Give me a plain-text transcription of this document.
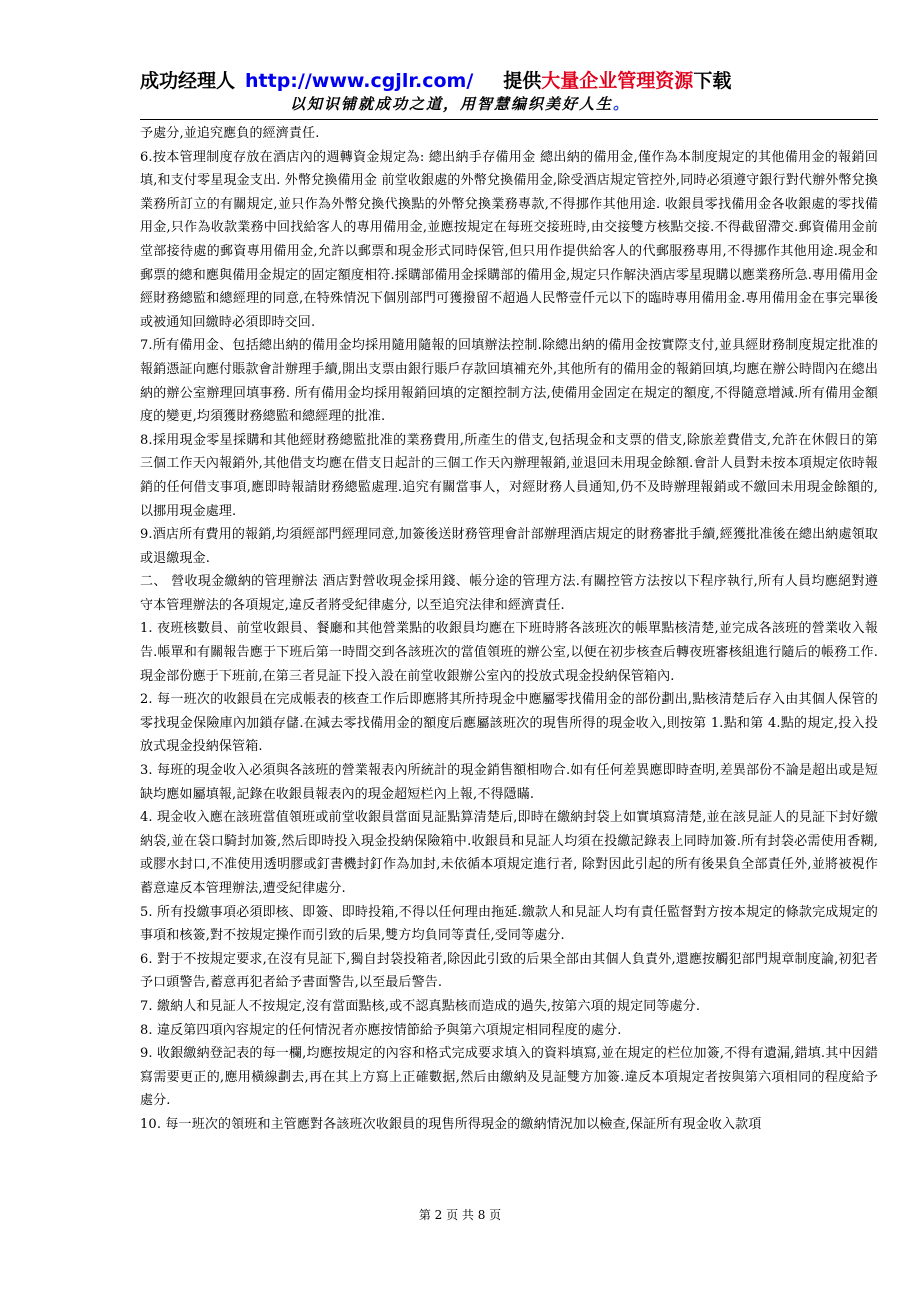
成功经理人 http://www.cgjlr.com/ 提供大量企业管理资源下载
以知识铺就成功之道，用智慧编织美好人生。

予處分,並追究應負的經濟責任.

6.按本管理制度存放在酒店內的週轉資金規定為: 總出納手存備用金 總出納的備用金,僅作為本制度規定的其他備用金的報銷回填,和支付零星現金支出. 外幣兌換備用金 前堂收銀處的外幣兌換備用金,除受酒店規定管控外,同時必須遵守銀行對代辦外幣兌換業務所訂立的有關規定,並只作為外幣兌換代換點的外幣兌換業務專款,不得挪作其他用途. 收銀員零找備用金各收銀處的零找備用金,只作為收款業務中回找給客人的專用備用金,並應按規定在每班交接班時,由交接雙方核點交接.不得截留滯交.郵資備用金前堂部接待處的郵資專用備用金,允許以郵票和現金形式同時保管,但只用作提供給客人的代郵服務專用,不得挪作其他用途.現金和郵票的總和應與備用金規定的固定額度相符.採購部備用金採購部的備用金,規定只作解決酒店零星現購以應業務所急.專用備用金經財務總監和總經理的同意,在特殊情況下個別部門可獲撥留不超過人民幣壹仟元以下的臨時專用備用金.專用備用金在事完畢後或被通知回繳時必須即時交回.

7.所有備用金、包括總出納的備用金均採用隨用隨報的回填辦法控制.除總出納的備用金按實際支付,並具經財務制度規定批准的報銷憑証向應付賬款會計辦理手續,開出支票由銀行賬戶存款回填補充外,其他所有的備用金的報銷回填,均應在辦公時間內在總出納的辦公室辦理回填事務. 所有備用金均採用報銷回填的定額控制方法,使備用金固定在規定的額度,不得隨意增減.所有備用金額度的變更,均須獲財務總監和總經理的批准.

8.採用現金零星採購和其他經財務總監批准的業務費用,所產生的借支,包括現金和支票的借支,除旅差費借支,允許在休假日的第三個工作天內報銷外,其他借支均應在借支日起計的三個工作天內辦理報銷,並退回未用現金餘額.會計人員對未按本項規定依時報銷的任何借支事項,應即時報請財務總監處理.追究有關當事人，对經財務人員通知,仍不及時辦理報銷或不繳回未用現金餘額的,以挪用現金處理.

9.酒店所有費用的報銷,均須經部門經理同意,加簽後送財務管理會計部辦理酒店規定的財務審批手續,經獲批准後在總出納處領取或退繳現金.

二、 營收現金繳納的管理辦法 酒店對營收現金採用錢、帳分途的管理方法.有關控管方法按以下程序執行,所有人員均應絕對遵守本管理辦法的各項規定,違反者將受紀律處分, 以至追究法律和經濟責任.

1. 夜班核數員、前堂收銀員、餐廳和其他營業點的收銀員均應在下班時將各該班次的帳單點核清楚,並完成各該班的營業收入報告.帳單和有關報告應于下班后第一時間交到各該班次的當值領班的辦公室,以便在初步核查后轉夜班審核組進行隨后的帳務工作.現金部份應于下班前,在第三者見証下投入設在前堂收銀辦公室內的投放式現金投納保管箱內.

2. 每一班次的收銀員在完成帳表的核查工作后即應將其所持現金中應屬零找備用金的部份劃出,點核清楚后存入由其個人保管的零找現金保險庫內加鎖存儲.在減去零找備用金的額度后應屬該班次的現售所得的現金收入,則按第 1.點和第 4.點的規定,投入投放式現金投納保管箱.

3. 每班的現金收入必須與各該班的營業報表內所統計的現金銷售額相吻合.如有任何差異應即時查明,差異部份不論是超出或是短缺均應如屬填報,記錄在收銀員報表內的現金超短栏內上報,不得隱瞞.

4. 現金收入應在該班當值領班或前堂收銀員當面見証點算清楚后,即時在繳納封袋上如實填寫清楚,並在該見証人的見証下封好繳納袋,並在袋口騎封加簽,然后即時投入現金投納保險箱中.收銀員和見証人均須在投繳記錄表上同時加簽.所有封袋必需使用香糊,或膠水封口,不准使用透明膠或釘書機封釘作為加封,未依循本項規定進行者, 除對因此引起的所有後果負全部責任外,並將被視作蓄意違反本管理辦法,遭受紀律處分.

5. 所有投繳事項必須即核、即簽、即時投箱,不得以任何理由拖延.繳款人和見証人均有責任監督對方按本規定的條款完成規定的事項和核簽,對不按規定操作而引致的后果,雙方均負同等責任,受同等處分.

6. 對于不按規定要求,在沒有見証下,獨自封袋投箱者,除因此引致的后果全部由其個人負責外,還應按觸犯部門規章制度論,初犯者予口頭警告,蓄意再犯者給予書面警告,以至最后警告.

7. 繳納人和見証人不按規定,沒有當面點核,或不認真點核而造成的過失,按第六項的規定同等處分.

8. 違反第四項內容規定的任何情況者亦應按情節給予與第六項規定相同程度的處分.

9. 收銀繳納登記表的每一欄,均應按規定的內容和格式完成要求填入的資料填寫,並在規定的栏位加簽,不得有遺漏,錯填.其中因錯寫需要更正的,應用橫線劃去,再在其上方寫上正確數据,然后由繳納及見証雙方加簽.違反本項規定者按與第六項相同的程度給予處分.

10. 每一班次的領班和主管應對各該班次收銀員的現售所得現金的繳納情況加以檢查,保証所有現金收入款項

第 2 页 共 8 页
